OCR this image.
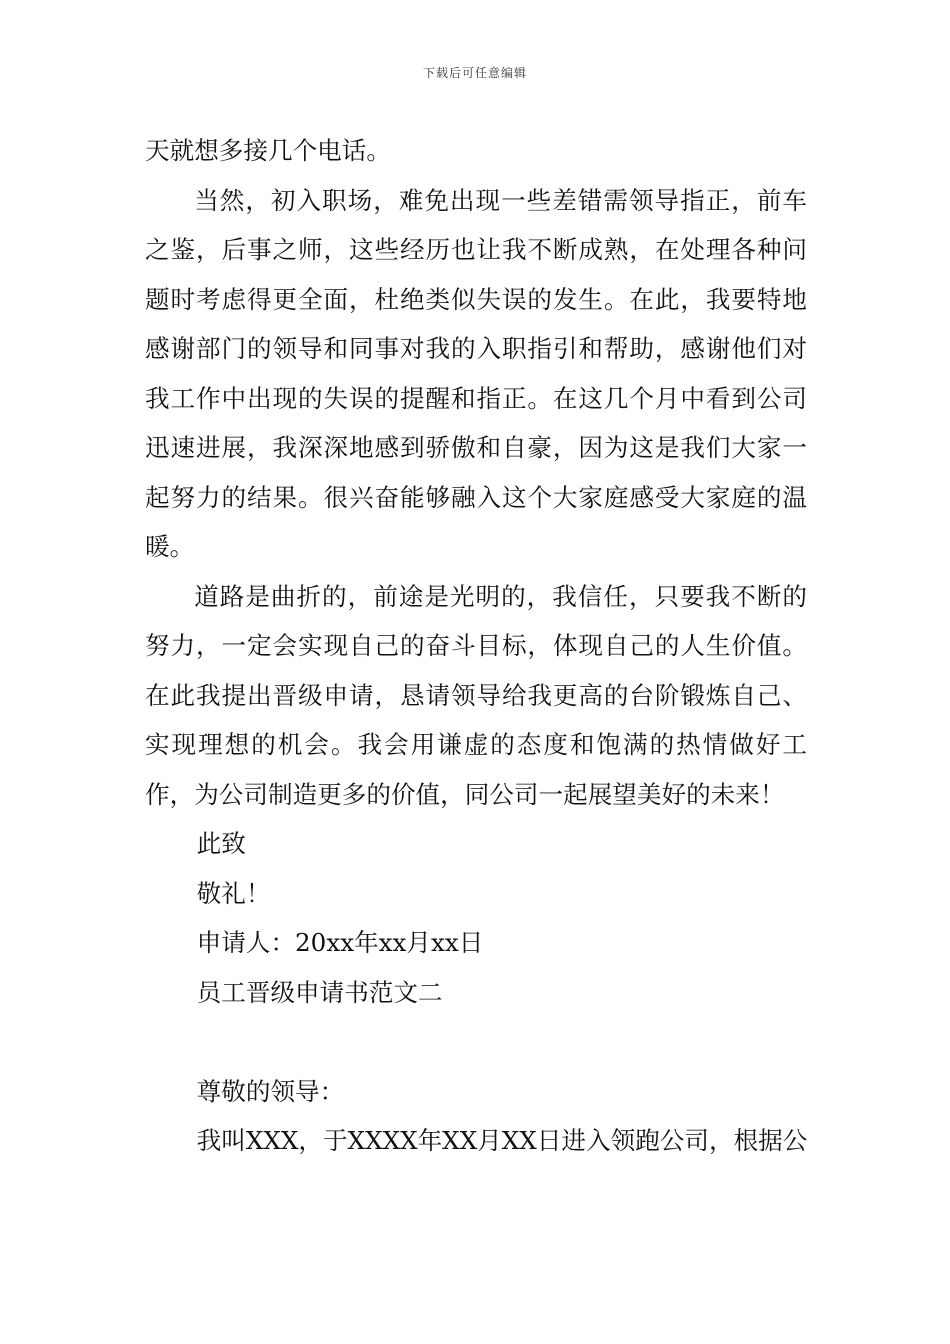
下载后可任意编辑

天就想多接几个电话。

当然，初入职场，难免出现一些差错需领导指正，前车之鉴，后事之师，这些经历也让我不断成熟，在处理各种问题时考虑得更全面，杜绝类似失误的发生。在此，我要特地感谢部门的领导和同事对我的入职指引和帮助，感谢他们对我工作中出现的失误的提醒和指正。在这几个月中看到公司迅速进展，我深深地感到骄傲和自豪，因为这是我们大家一起努力的结果。很兴奋能够融入这个大家庭感受大家庭的温暖。

道路是曲折的，前途是光明的，我信任，只要我不断的努力，一定会实现自己的奋斗目标，体现自己的人生价值。在此我提出晋级申请，恳请领导给我更高的台阶锻炼自己、实现理想的机会。我会用谦虚的态度和饱满的热情做好工作，为公司制造更多的价值，同公司一起展望美好的未来！

此致

敬礼！

申请人：20xx年xx月xx日

员工晋级申请书范文二

尊敬的领导：

我叫XXX，于XXXX年XX月XX日进入领跑公司，根据公
